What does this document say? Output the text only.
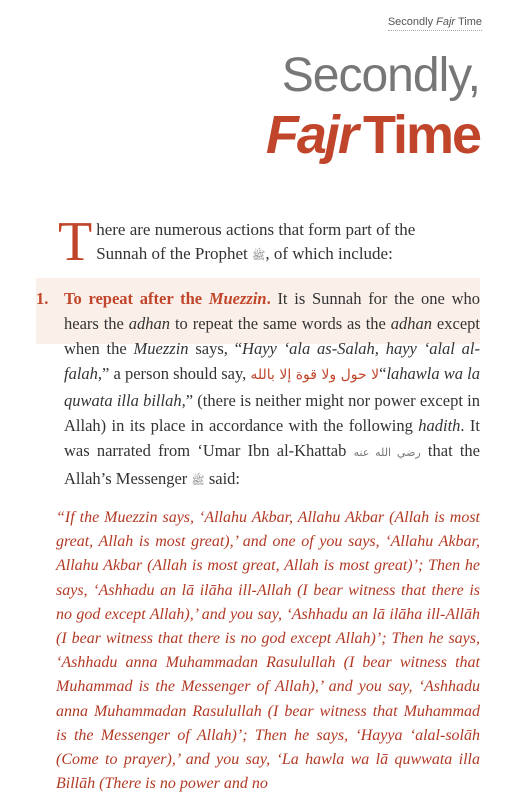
Secondly Fajr Time
Secondly,
Fajr Time
There are numerous actions that form part of the Sunnah of the Prophet ﷺ, of which include:
1. To repeat after the Muezzin. It is Sunnah for the one who hears the adhan to repeat the same words as the adhan except when the Muezzin says, “Hayy ‘ala as-Salah, hayy ‘alal al-falah,” a person should say, لا حول ولا قوة إلا بالله“lahawla wa la quwata illa billah,” (there is neither might nor power except in Allah) in its place in accordance with the following hadith. It was narrated from ‘Umar Ibn al-Khattab رضي الله عنه that the Allah’s Messenger ﷺ said:
“If the Muezzin says, ‘Allahu Akbar, Allahu Akbar (Allah is most great, Allah is most great),’ and one of you says, ‘Allahu Akbar, Allahu Akbar (Allah is most great, Allah is most great)’; Then he says, ‘Ashhadu an lā ilāha ill-Allah (I bear witness that there is no god except Allah),’ and you say, ‘Ashhadu an lā ilāha ill-Allāh (I bear witness that there is no god except Allah)’; Then he says, ‘Ashhadu anna Muhammadan Rasulullah (I bear witness that Muhammad is the Messenger of Allah),’ and you say, ‘Ashhadu anna Muhammadan Rasulullah (I bear witness that Muhammad is the Messenger of Allah)’; Then he says, ‘Hayya ‘alal-solāh (Come to prayer),’ and you say, ‘La hawla wa lā quwwata illa Billāh (There is no power and no
